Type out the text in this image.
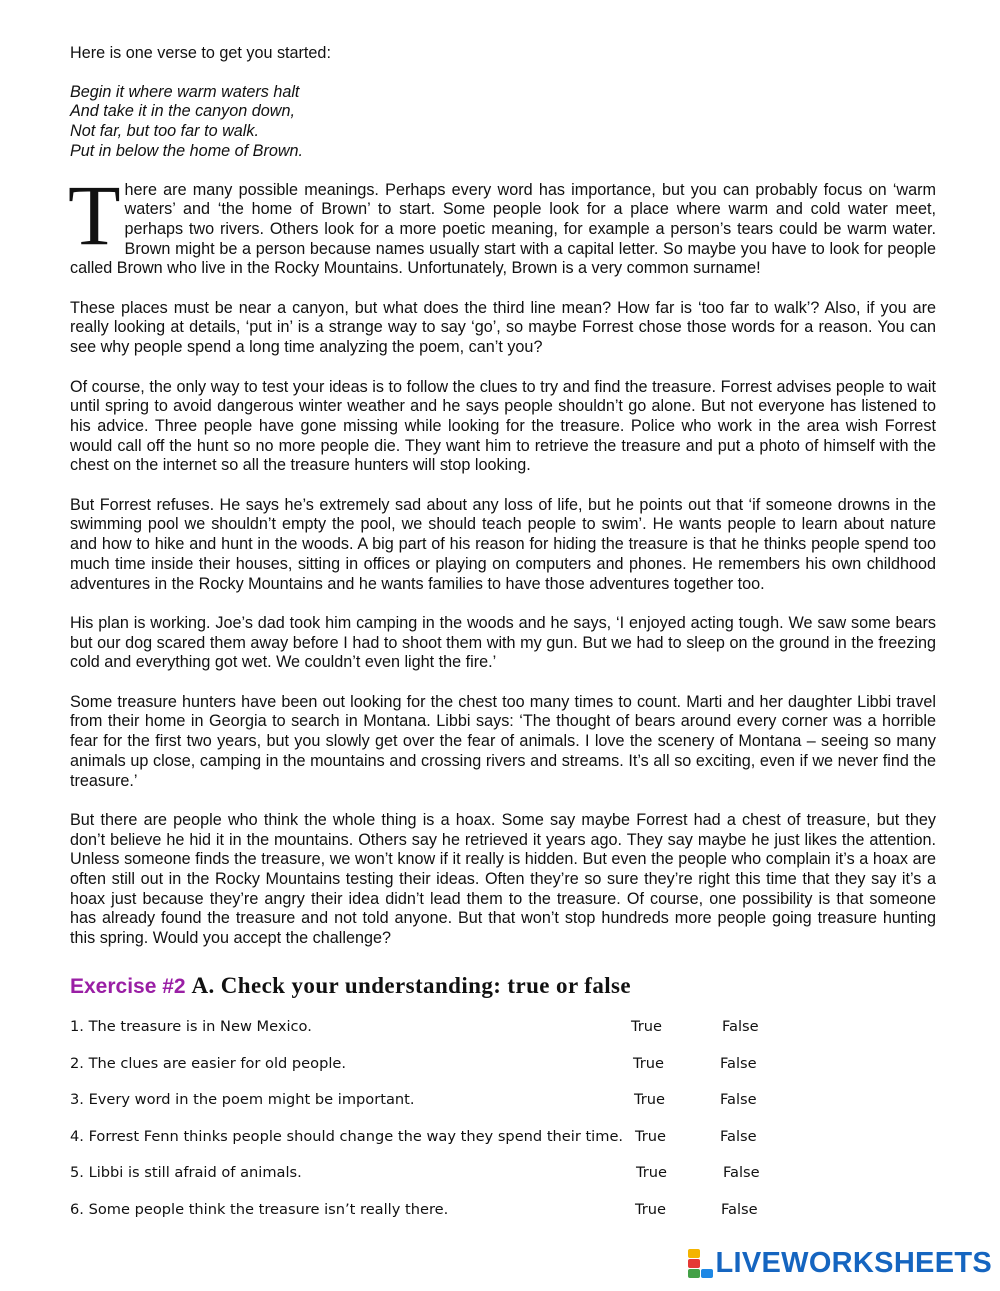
Here is one verse to get you started:
Begin it where warm waters halt
And take it in the canyon down,
Not far, but too far to walk.
Put in below the home of Brown.

There are many possible meanings. Perhaps every word has importance, but you can probably focus on ‘warm waters’ and ‘the home of Brown’ to start. Some people look for a place where warm and cold water meet, perhaps two rivers. Others look for a more poetic meaning, for example a person’s tears could be warm water. Brown might be a person because names usually start with a capital letter. So maybe you have to look for people called Brown who live in the Rocky Mountains. Unfortunately, Brown is a very common surname!

These places must be near a canyon, but what does the third line mean? How far is ‘too far to walk’? Also, if you are really looking at details, ‘put in’ is a strange way to say ‘go’, so maybe Forrest chose those words for a reason. You can see why people spend a long time analyzing the poem, can’t you?

Of course, the only way to test your ideas is to follow the clues to try and find the treasure. Forrest advises people to wait until spring to avoid dangerous winter weather and he says people shouldn’t go alone. But not everyone has listened to his advice. Three people have gone missing while looking for the treasure. Police who work in the area wish Forrest would call off the hunt so no more people die. They want him to retrieve the treasure and put a photo of himself with the chest on the internet so all the treasure hunters will stop looking.

But Forrest refuses. He says he’s extremely sad about any loss of life, but he points out that ‘if someone drowns in the swimming pool we shouldn’t empty the pool, we should teach people to swim’. He wants people to learn about nature and how to hike and hunt in the woods. A big part of his reason for hiding the treasure is that he thinks people spend too much time inside their houses, sitting in offices or playing on computers and phones. He remembers his own childhood adventures in the Rocky Mountains and he wants families to have those adventures together too.

His plan is working. Joe’s dad took him camping in the woods and he says, ‘I enjoyed acting tough. We saw some bears but our dog scared them away before I had to shoot them with my gun. But we had to sleep on the ground in the freezing cold and everything got wet. We couldn’t even light the fire.’

Some treasure hunters have been out looking for the chest too many times to count. Marti and her daughter Libbi travel from their home in Georgia to search in Montana. Libbi says: ‘The thought of bears around every corner was a horrible fear for the first two years, but you slowly get over the fear of animals. I love the scenery of Montana – seeing so many animals up close, camping in the mountains and crossing rivers and streams. It’s all so exciting, even if we never find the treasure.’

But there are people who think the whole thing is a hoax. Some say maybe Forrest had a chest of treasure, but they don’t believe he hid it in the mountains. Others say he retrieved it years ago. They say maybe he just likes the attention. Unless someone finds the treasure, we won’t know if it really is hidden. But even the people who complain it’s a hoax are often still out in the Rocky Mountains testing their ideas. Often they’re so sure they’re right this time that they say it’s a hoax just because they’re angry their idea didn’t lead them to the treasure. Of course, one possibility is that someone has already found the treasure and not told anyone. But that won’t stop hundreds more people going treasure hunting this spring. Would you accept the challenge?

Exercise #2 A. Check your understanding: true or false
1. The treasure is in New Mexico.	True	False
2. The clues are easier for old people.	True	False
3. Every word in the poem might be important.	True	False
4. Forrest Fenn thinks people should change the way they spend their time. True	False
5. Libbi is still afraid of animals.	True	False
6. Some people think the treasure isn’t really there.	True	False
LIVEWORKSHEETS
